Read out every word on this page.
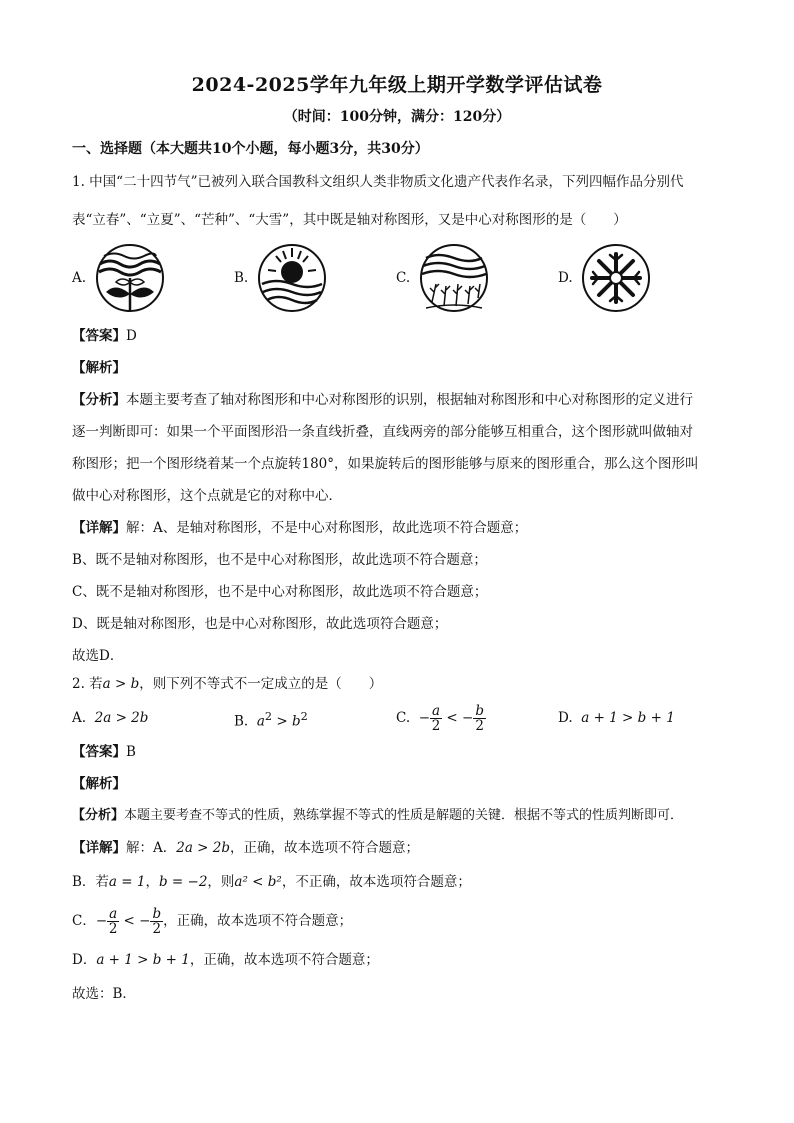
2024-2025学年九年级上期开学数学评估试卷
（时间：100分钟，满分：120分）
一、选择题（本大题共10个小题，每小题3分，共30分）
1. 中国“二十四节气”已被列入联合国教科文组织人类非物质文化遗产代表作名录，下列四幅作品分别代
表“立春”、“立夏”、“芒种”、“大雪”，其中既是轴对称图形，又是中心对称图形的是（　　）
A.	B.	C.	D.
【答案】D
【解析】
【分析】本题主要考查了轴对称图形和中心对称图形的识别，根据轴对称图形和中心对称图形的定义进行
逐一判断即可：如果一个平面图形沿一条直线折叠，直线两旁的部分能够互相重合，这个图形就叫做轴对
称图形；把一个图形绕着某一个点旋转180°，如果旋转后的图形能够与原来的图形重合，那么这个图形叫
做中心对称图形，这个点就是它的对称中心．
【详解】解：A、是轴对称图形，不是中心对称图形，故此选项不符合题意；
B、既不是轴对称图形，也不是中心对称图形，故此选项不符合题意；
C、既不是轴对称图形，也不是中心对称图形，故此选项不符合题意；
D、既是轴对称图形，也是中心对称图形，故此选项符合题意；
故选D．
2. 若a > b，则下列不等式不一定成立的是（　　）
A. 2a > 2b	B. $a^2 > b^2$	C. − $\frac{a}{2}$ < − $\frac{b}{2}$	D. a + 1 > b + 1
【答案】B
【解析】
【分析】本题主要考查不等式的性质，熟练掌握不等式的性质是解题的关键．根据不等式的性质判断即可．
【详解】解：A．2a > 2b，正确，故本选项不符合题意；
B．若a = 1，b = −2，则a² < b²，不正确，故本选项符合题意；
C．− $\frac{a}{2}$ < − $\frac{b}{2}$ ，正确，故本选项不符合题意；
D．a + 1 > b + 1，正确，故本选项不符合题意；
故选：B．
